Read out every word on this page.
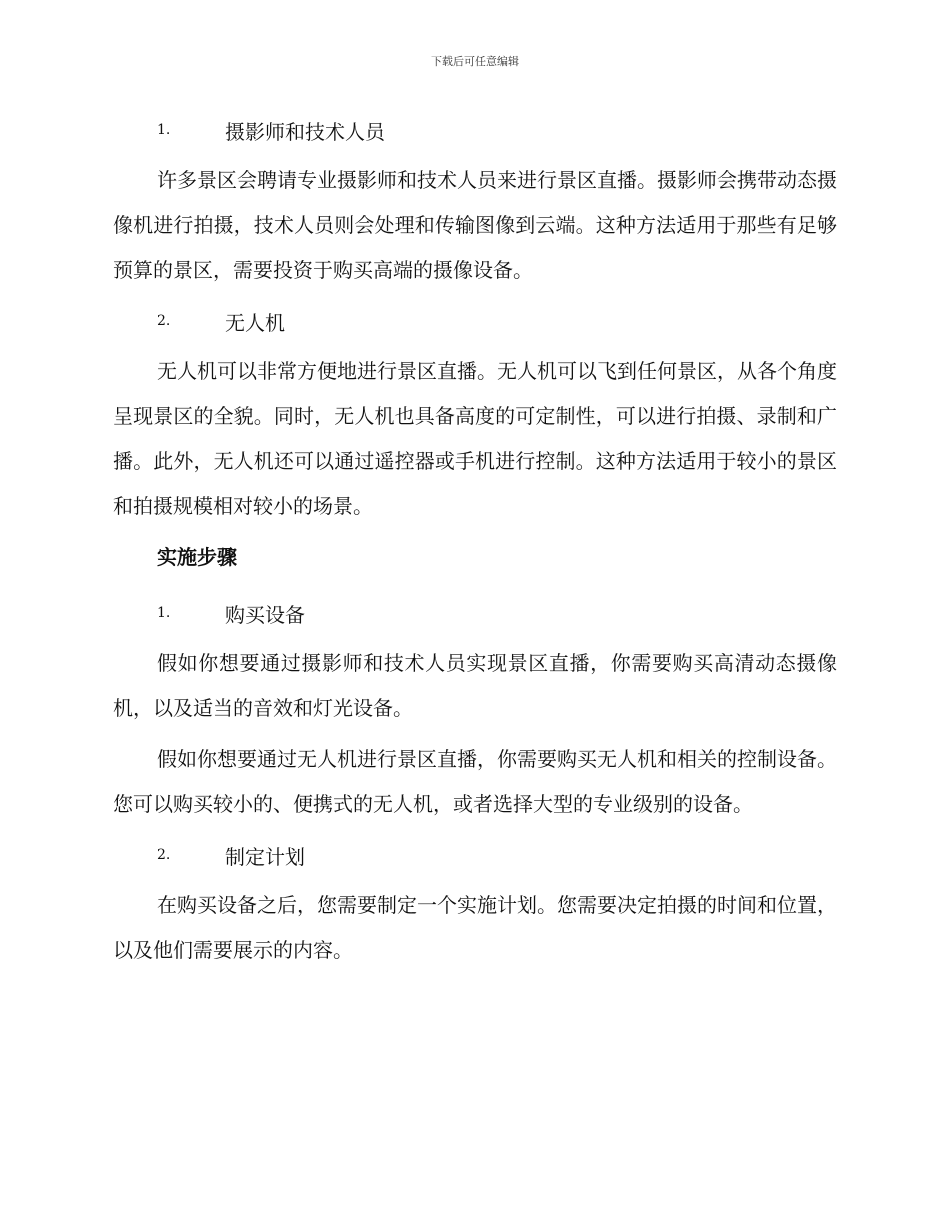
下载后可任意编辑
1.	摄影师和技术人员

许多景区会聘请专业摄影师和技术人员来进行景区直播。摄影师会携带动态摄像机进行拍摄，技术人员则会处理和传输图像到云端。这种方法适用于那些有足够预算的景区，需要投资于购买高端的摄像设备。

2.	无人机

无人机可以非常方便地进行景区直播。无人机可以飞到任何景区，从各个角度呈现景区的全貌。同时，无人机也具备高度的可定制性，可以进行拍摄、录制和广播。此外，无人机还可以通过遥控器或手机进行控制。这种方法适用于较小的景区和拍摄规模相对较小的场景。

实施步骤
1.	购买设备

假如你想要通过摄影师和技术人员实现景区直播，你需要购买高清动态摄像机，以及适当的音效和灯光设备。

假如你想要通过无人机进行景区直播，你需要购买无人机和相关的控制设备。您可以购买较小的、便携式的无人机，或者选择大型的专业级别的设备。

2.	制定计划

在购买设备之后，您需要制定一个实施计划。您需要决定拍摄的时间和位置，以及他们需要展示的内容。
